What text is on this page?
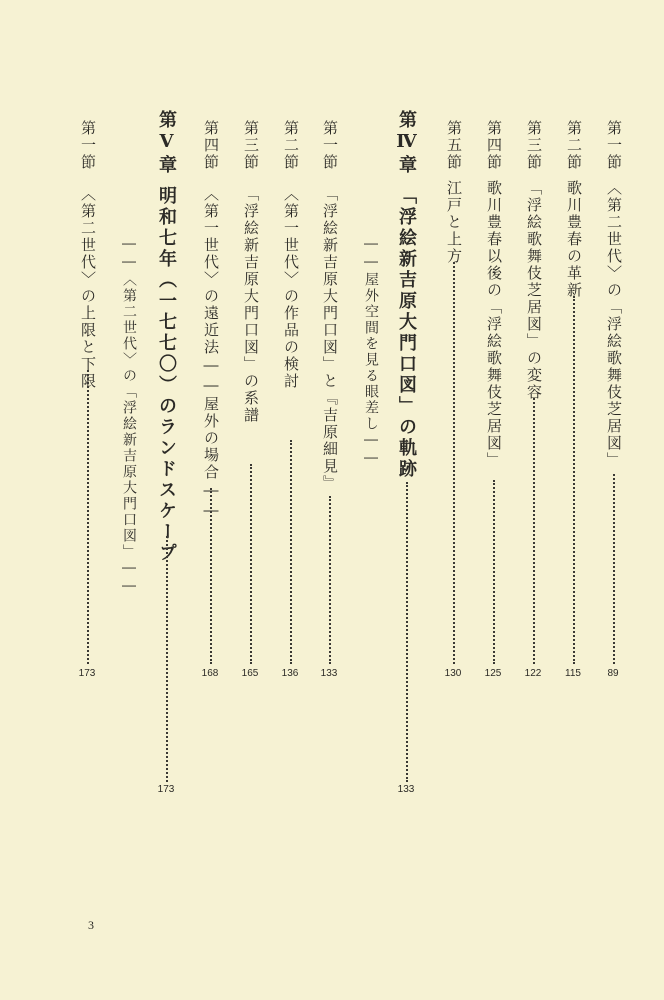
第一節
〈第二世代〉の「浮絵歌舞伎芝居図」
89
第二節
歌川豊春の革新
115
第三節
「浮絵歌舞伎芝居図」の変容
122
第四節
歌川豊春以後の「浮絵歌舞伎芝居図」
125
第五節
江戸と上方
130
第Ⅳ章
「浮絵新吉原大門口図」の軌跡
133
――屋外空間を見る眼差し――
第一節
「浮絵新吉原大門口図」と『吉原細見』
133
第二節
〈第一世代〉の作品の検討
136
第三節
「浮絵新吉原大門口図」の系譜
165
第四節
〈第一世代〉の遠近法――屋外の場合――
168
第Ⅴ章
明和七年（一七七〇）のランドスケープ
173
――〈第二世代〉の「浮絵新吉原大門口図」――
第一節
〈第二世代〉の上限と下限
173
3
